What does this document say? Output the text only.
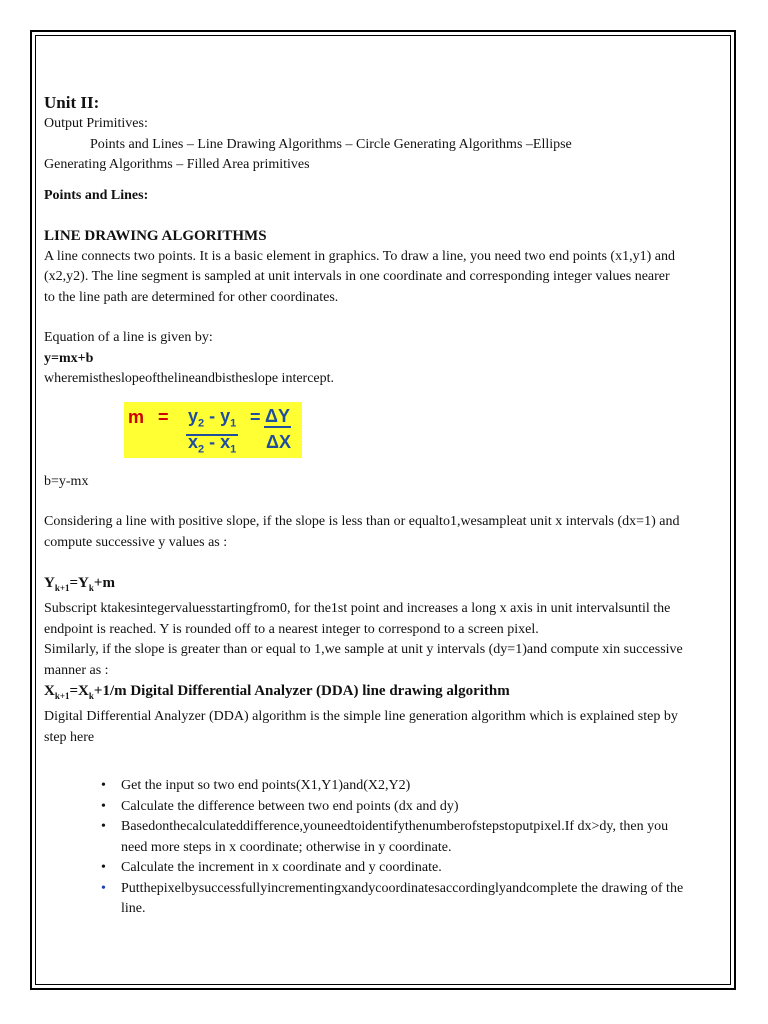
Unit II:

Output Primitives:

Points and Lines – Line Drawing Algorithms – Circle Generating Algorithms –Ellipse

Generating Algorithms – Filled Area primitives

Points and Lines:
LINE DRAWING ALGORITHMS

A line connects two points. It is a basic element in graphics. To draw a line, you need two end points (x1,y1) and (x2,y2). The line segment is sampled at unit intervals in one coordinate and corresponding integer values nearer to the line path are determined for other coordinates.

Equation of a line is given by:

y=mx+b

wheremistheslopeofthelineandbistheslope intercept.

$m = y_2 - y_1$
$x_2 - x_1$
= ΔY
ΔX

b=y-mx

Considering a line with positive slope, if the slope is less than or equalto1,wesampleat unit x intervals (dx=1) and compute successive y values as :

$Y_{k+1}=Y_k+m$

Subscript ktakesintegervaluesstartingfrom0, for the1st point and increases a long x axis in unit intervalsuntil the endpoint is reached. Y is rounded off to a nearest integer to correspond to a screen pixel.

Similarly, if the slope is greater than or equal to 1,we sample at unit y intervals (dy=1)and compute xin successive manner as :

$X_{k+1}=X_k+1/m$ Digital Differential Analyzer (DDA) line drawing algorithm

Digital Differential Analyzer (DDA) algorithm is the simple line generation algorithm which is explained step by step here

• Get the input so two end points(X1,Y1)and(X2,Y2)
• Calculate the difference between two end points (dx and dy)
• Basedonthecalculateddifference,youneedtoidentifythenumberofstepstoputpixel.If dx>dy, then you need more steps in x coordinate; otherwise in y coordinate.
• Calculate the increment in x coordinate and y coordinate.
• Putthepixelbysuccessfullyincrementingxandycoordinatesaccordinglyandcomplete the drawing of the line.
